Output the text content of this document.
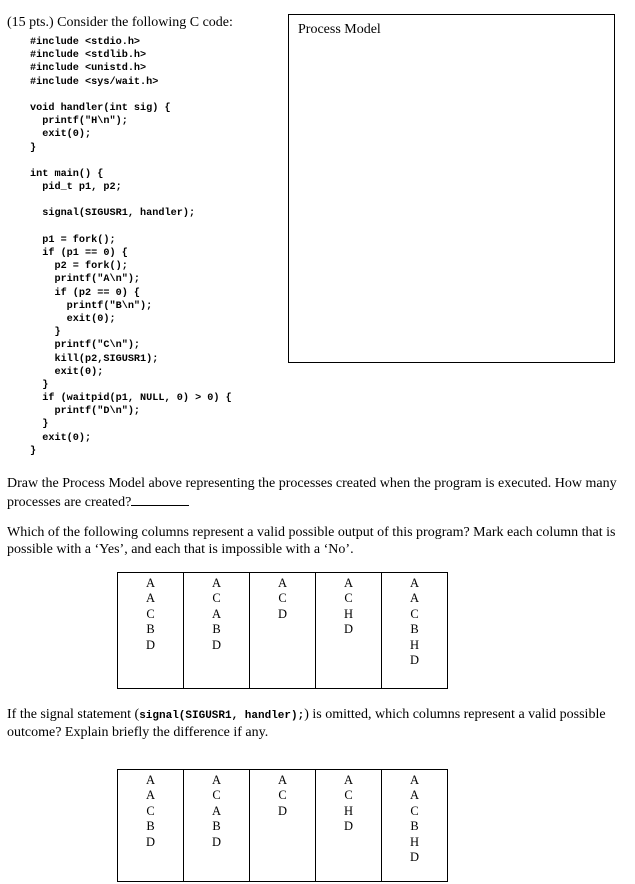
(15 pts.) Consider the following C code:
#include <stdio.h>
#include <stdlib.h>
#include <unistd.h>
#include <sys/wait.h>
void handler(int sig) {
printf("H\n");
exit(0);
}
int main() {
pid_t p1, p2;
signal(SIGUSR1, handler);
p1 = fork();
if (p1 == 0) {
p2 = fork();
printf("A\n");
if (p2 == 0) {
printf("B\n");
exit(0);
}
printf("C\n");
kill(p2,SIGUSR1);
exit(0);
}
if (waitpid(p1, NULL, 0) > 0) {
printf("D\n");
}
exit(0);
}
Process Model
Draw the Process Model above representing the processes created when the program is executed. How many processes are created?
Which of the following columns represent a valid possible output of this program? Mark each column that is possible with a ‘Yes’, and each that is impossible with a ‘No’.
A
A
C
B
D

A
C
A
B
D

A
C
D

A
C
H
D

A
A
C
B
H
D
If the signal statement (signal(SIGUSR1, handler);) is omitted, which columns represent a valid possible outcome? Explain briefly the difference if any.
A
A
C
B
D

A
C
A
B
D

A
C
D

A
C
H
D

A
A
C
B
H
D
